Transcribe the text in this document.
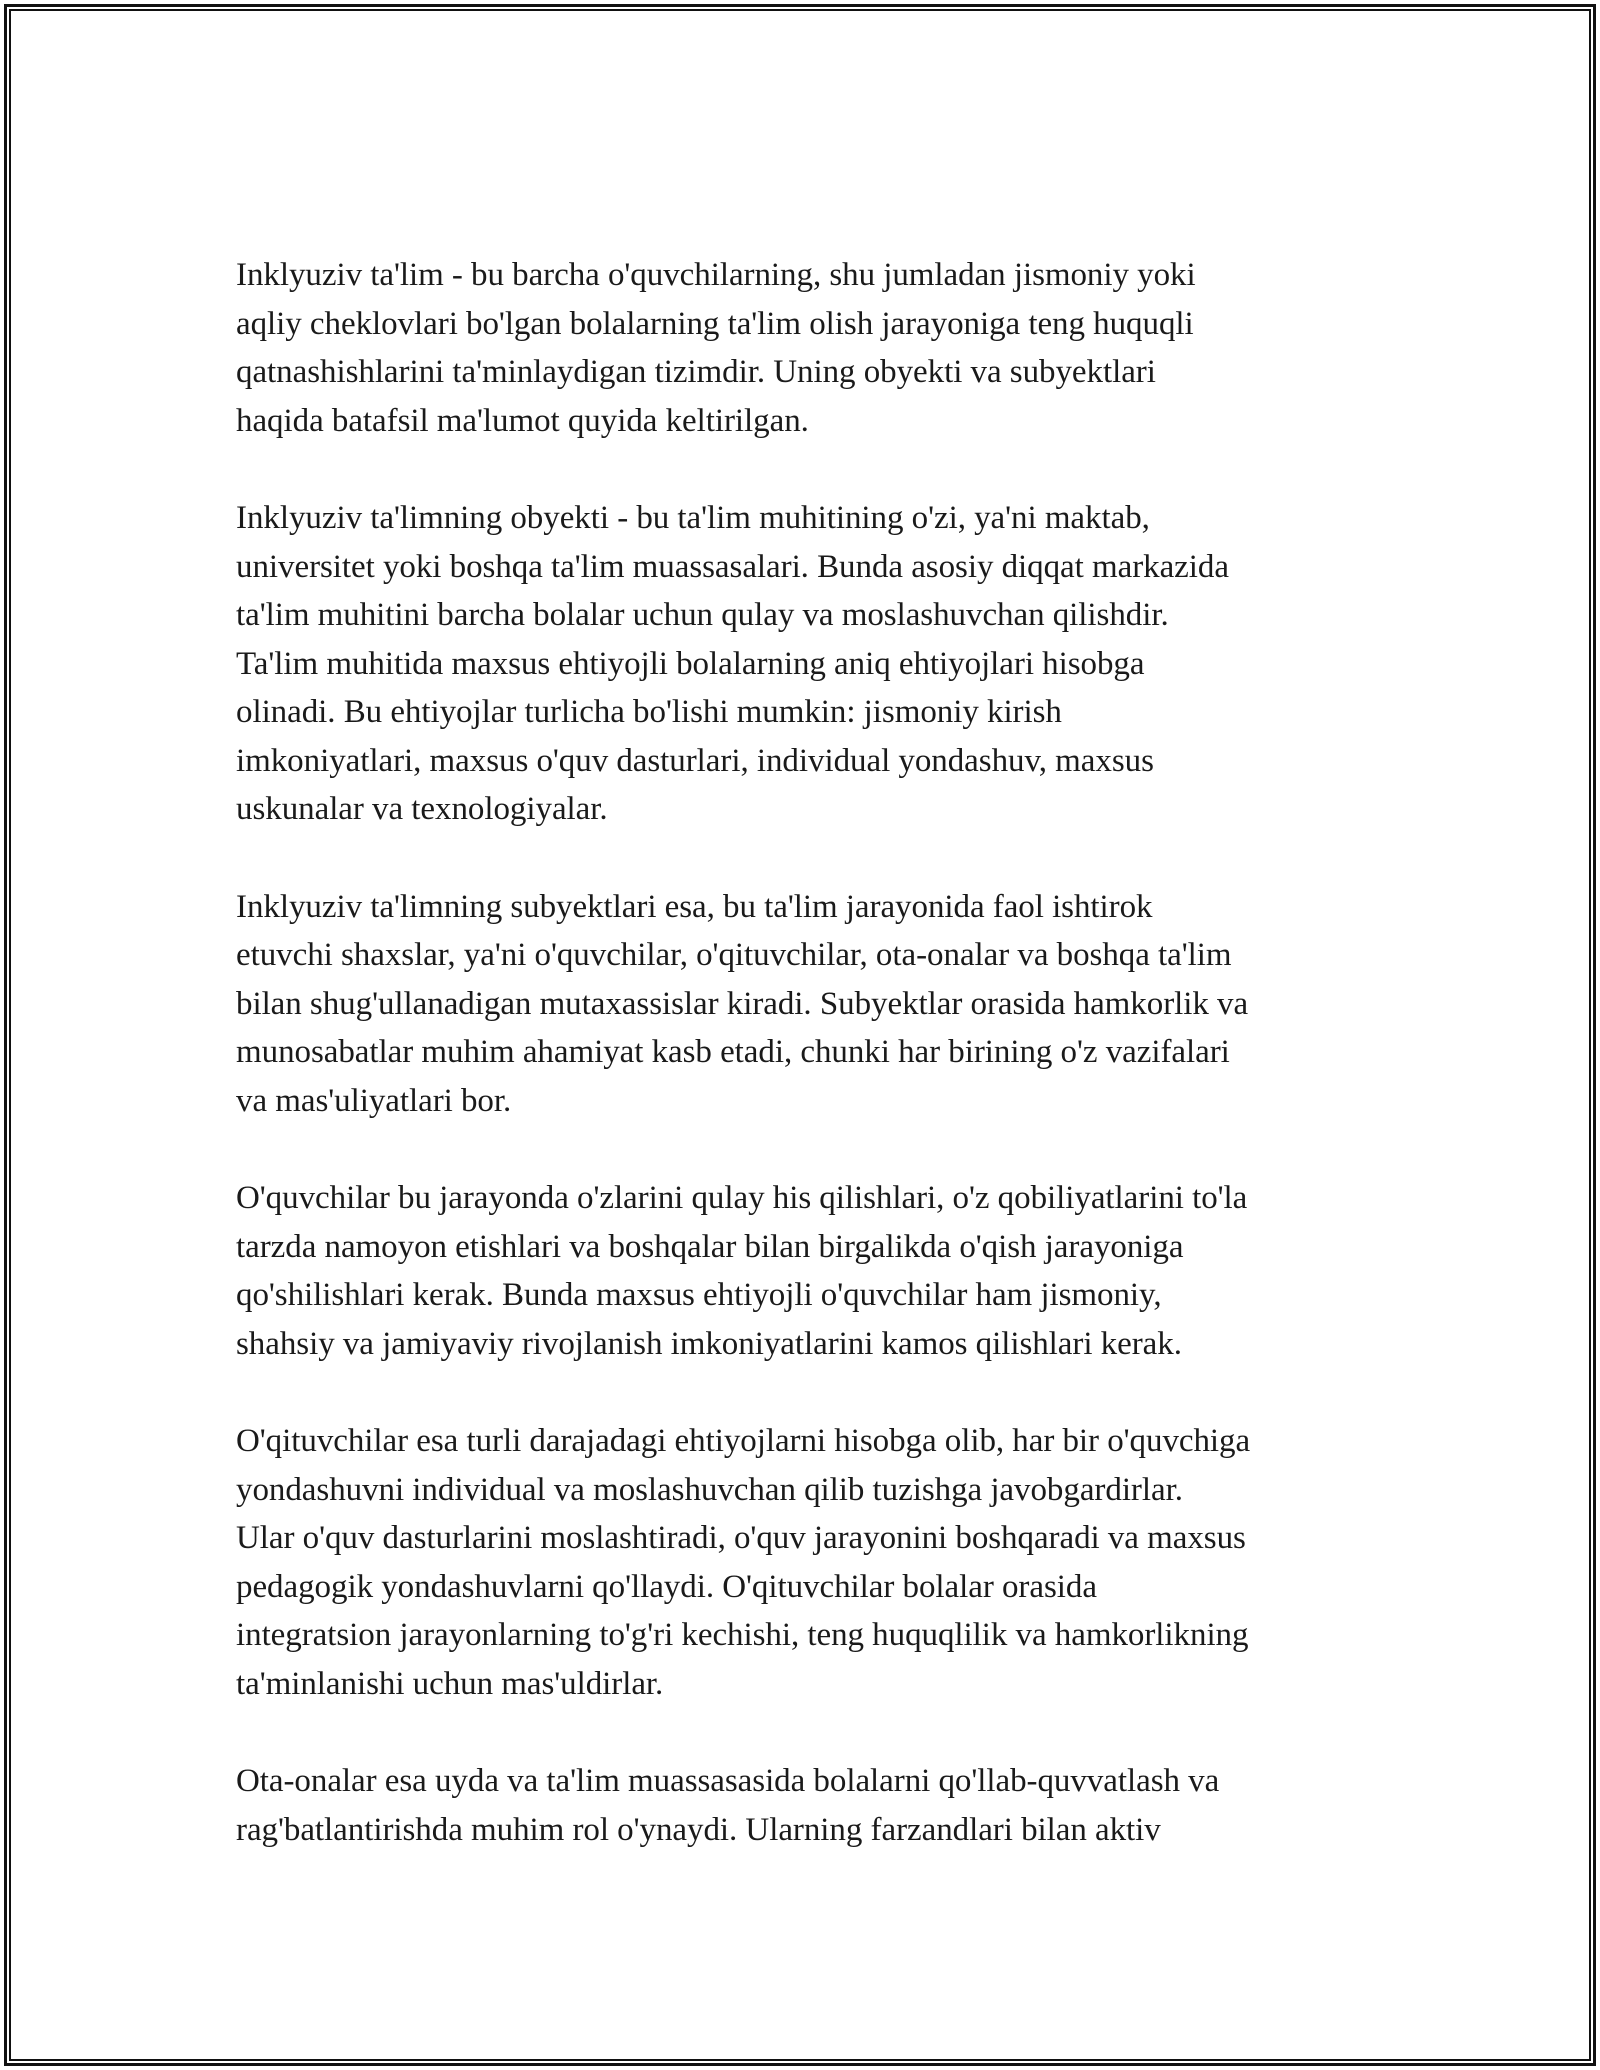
Inklyuziv ta'lim - bu barcha o'quvchilarning, shu jumladan jismoniy yoki
aqliy cheklovlari bo'lgan bolalarning ta'lim olish jarayoniga teng huquqli
qatnashishlarini ta'minlaydigan tizimdir. Uning obyekti va subyektlari
haqida batafsil ma'lumot quyida keltirilgan.

Inklyuziv ta'limning obyekti - bu ta'lim muhitining o'zi, ya'ni maktab,
universitet yoki boshqa ta'lim muassasalari. Bunda asosiy diqqat markazida
ta'lim muhitini barcha bolalar uchun qulay va moslashuvchan qilishdir.
Ta'lim muhitida maxsus ehtiyojli bolalarning aniq ehtiyojlari hisobga
olinadi. Bu ehtiyojlar turlicha bo'lishi mumkin: jismoniy kirish
imkoniyatlari, maxsus o'quv dasturlari, individual yondashuv, maxsus
uskunalar va texnologiyalar.

Inklyuziv ta'limning subyektlari esa, bu ta'lim jarayonida faol ishtirok
etuvchi shaxslar, ya'ni o'quvchilar, o'qituvchilar, ota-onalar va boshqa ta'lim
bilan shug'ullanadigan mutaxassislar kiradi. Subyektlar orasida hamkorlik va
munosabatlar muhim ahamiyat kasb etadi, chunki har birining o'z vazifalari
va mas'uliyatlari bor.

O'quvchilar bu jarayonda o'zlarini qulay his qilishlari, o'z qobiliyatlarini to'la
tarzda namoyon etishlari va boshqalar bilan birgalikda o'qish jarayoniga
qo'shilishlari kerak. Bunda maxsus ehtiyojli o'quvchilar ham jismoniy,
shahsiy va jamiyaviy rivojlanish imkoniyatlarini kamos qilishlari kerak.

O'qituvchilar esa turli darajadagi ehtiyojlarni hisobga olib, har bir o'quvchiga
yondashuvni individual va moslashuvchan qilib tuzishga javobgardirlar.
Ular o'quv dasturlarini moslashtiradi, o'quv jarayonini boshqaradi va maxsus
pedagogik yondashuvlarni qo'llaydi. O'qituvchilar bolalar orasida
integratsion jarayonlarning to'g'ri kechishi, teng huquqlilik va hamkorlikning
ta'minlanishi uchun mas'uldirlar.

Ota-onalar esa uyda va ta'lim muassasasida bolalarni qo'llab-quvvatlash va
rag'batlantirishda muhim rol o'ynaydi. Ularning farzandlari bilan aktiv
